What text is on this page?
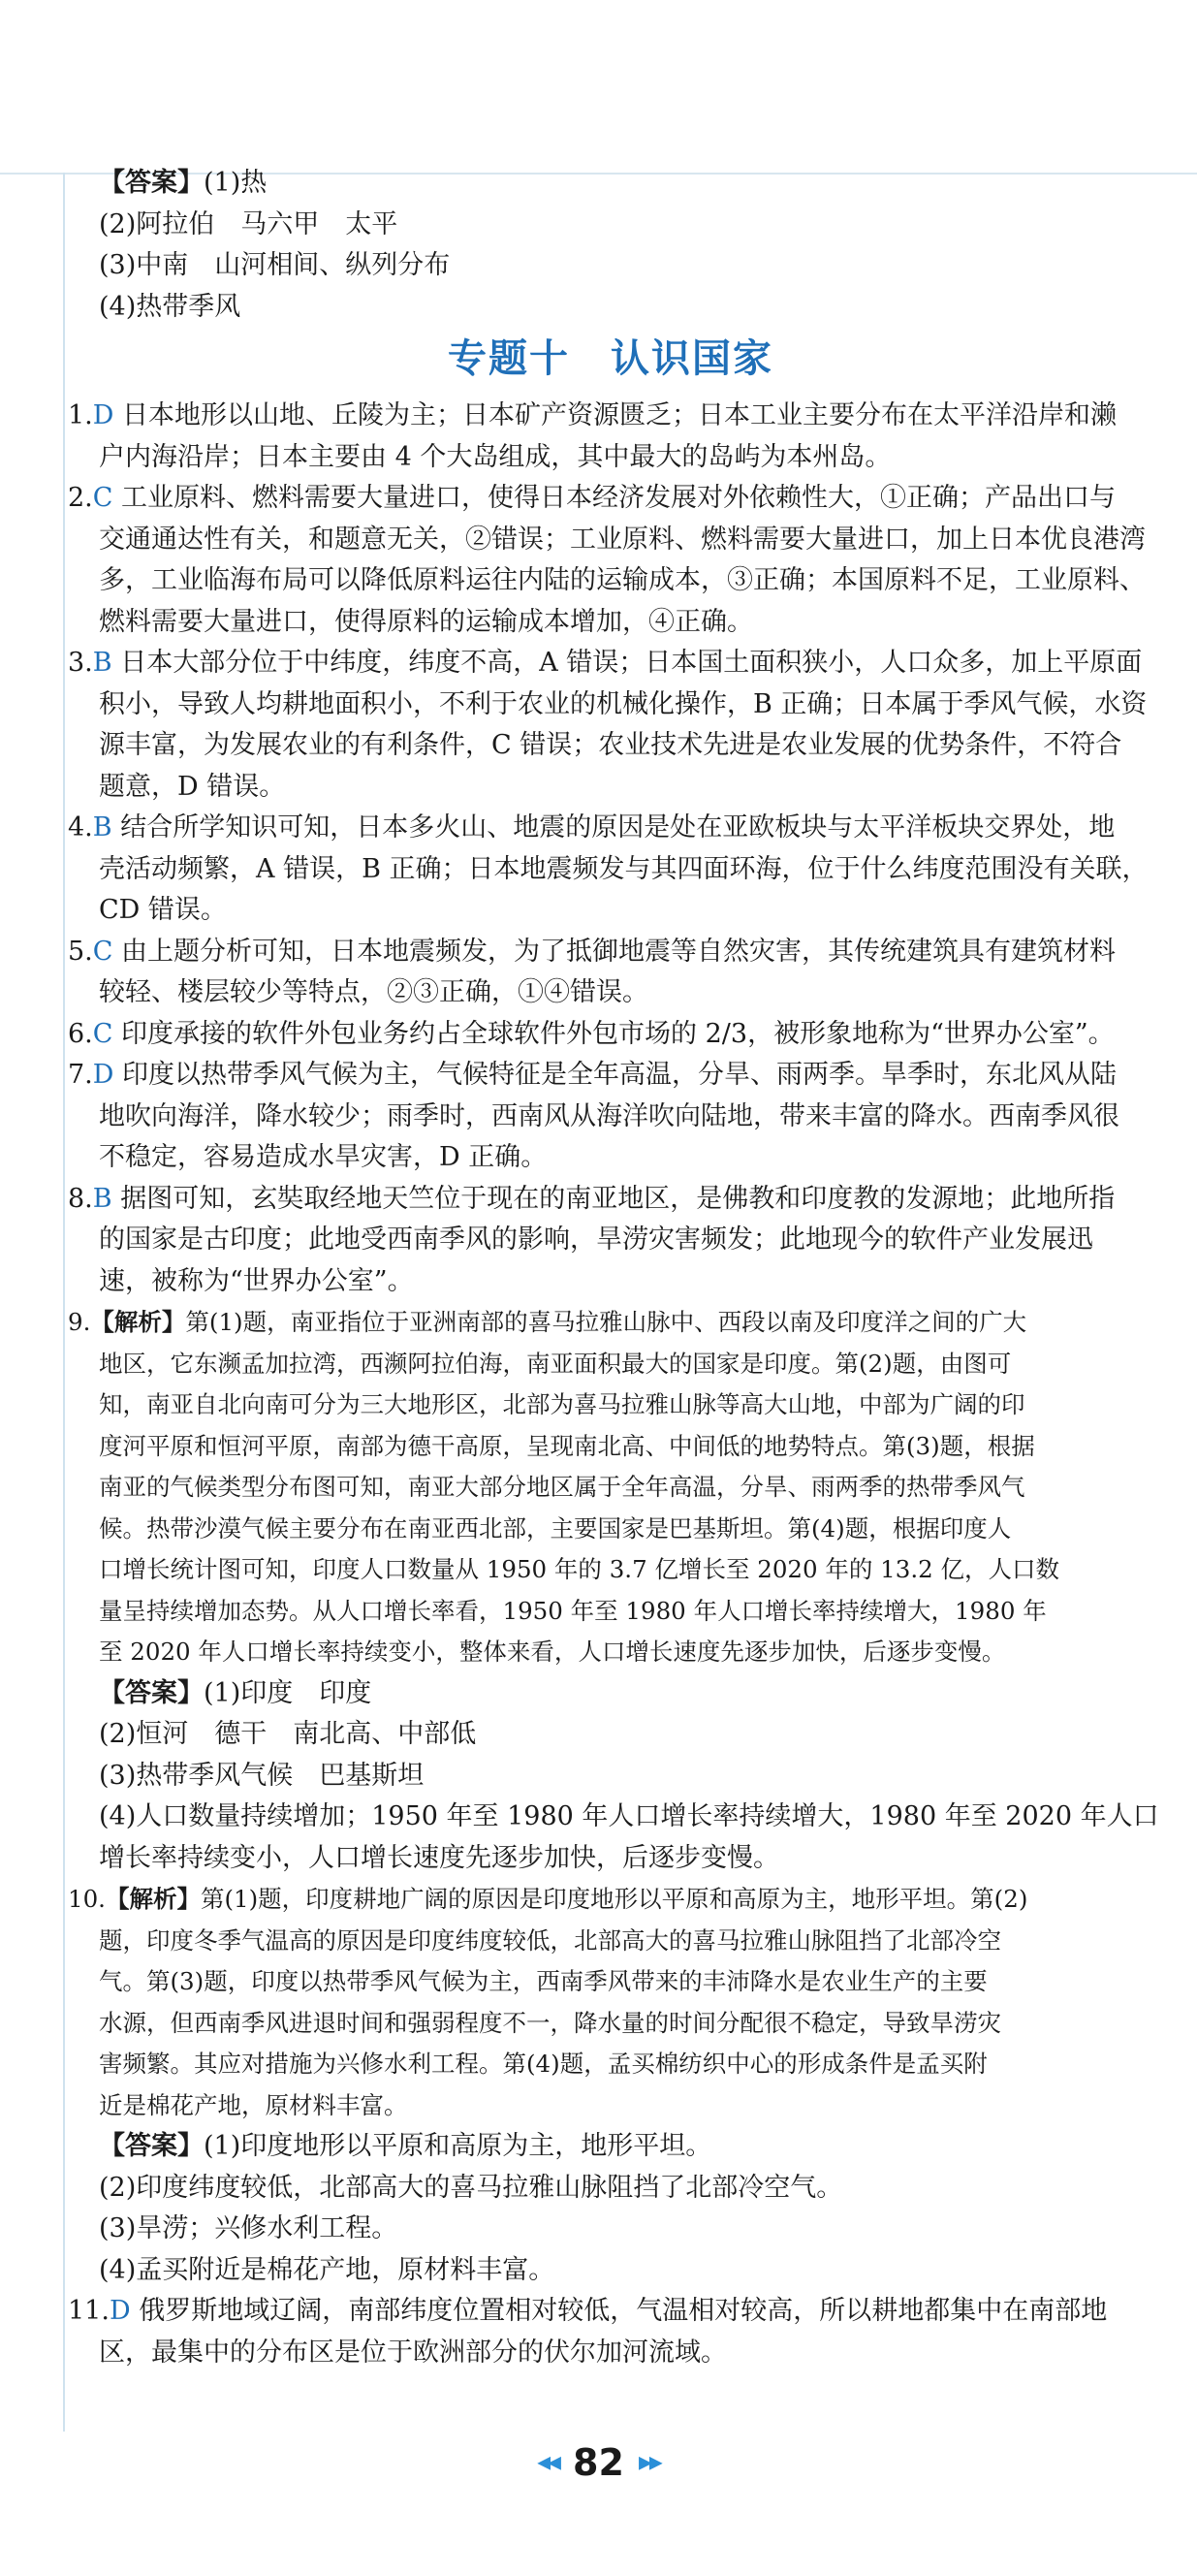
【答案】(1)热
(2)阿拉伯　马六甲　太平
(3)中南　山河相间、纵列分布
(4)热带季风
专题十　认识国家
1.D 日本地形以山地、丘陵为主；日本矿产资源匮乏；日本工业主要分布在太平洋沿岸和濑
户内海沿岸；日本主要由 4 个大岛组成，其中最大的岛屿为本州岛。
2.C 工业原料、燃料需要大量进口，使得日本经济发展对外依赖性大，①正确；产品出口与
交通通达性有关，和题意无关，②错误；工业原料、燃料需要大量进口，加上日本优良港湾
多，工业临海布局可以降低原料运往内陆的运输成本，③正确；本国原料不足，工业原料、
燃料需要大量进口，使得原料的运输成本增加，④正确。
3.B 日本大部分位于中纬度，纬度不高，A 错误；日本国土面积狭小，人口众多，加上平原面
积小，导致人均耕地面积小，不利于农业的机械化操作，B 正确；日本属于季风气候，水资
源丰富，为发展农业的有利条件，C 错误；农业技术先进是农业发展的优势条件，不符合
题意，D 错误。
4.B 结合所学知识可知，日本多火山、地震的原因是处在亚欧板块与太平洋板块交界处，地
壳活动频繁，A 错误，B 正确；日本地震频发与其四面环海，位于什么纬度范围没有关联，
CD 错误。
5.C 由上题分析可知，日本地震频发，为了抵御地震等自然灾害，其传统建筑具有建筑材料
较轻、楼层较少等特点，②③正确，①④错误。
6.C 印度承接的软件外包业务约占全球软件外包市场的 2/3，被形象地称为“世界办公室”。
7.D 印度以热带季风气候为主，气候特征是全年高温，分旱、雨两季。旱季时，东北风从陆
地吹向海洋，降水较少；雨季时，西南风从海洋吹向陆地，带来丰富的降水。西南季风很
不稳定，容易造成水旱灾害，D 正确。
8.B 据图可知，玄奘取经地天竺位于现在的南亚地区，是佛教和印度教的发源地；此地所指
的国家是古印度；此地受西南季风的影响，旱涝灾害频发；此地现今的软件产业发展迅
速，被称为“世界办公室”。
9.【解析】第(1)题，南亚指位于亚洲南部的喜马拉雅山脉中、西段以南及印度洋之间的广大
地区，它东濒孟加拉湾，西濒阿拉伯海，南亚面积最大的国家是印度。第(2)题，由图可
知，南亚自北向南可分为三大地形区，北部为喜马拉雅山脉等高大山地，中部为广阔的印
度河平原和恒河平原，南部为德干高原，呈现南北高、中间低的地势特点。第(3)题，根据
南亚的气候类型分布图可知，南亚大部分地区属于全年高温，分旱、雨两季的热带季风气
候。热带沙漠气候主要分布在南亚西北部，主要国家是巴基斯坦。第(4)题，根据印度人
口增长统计图可知，印度人口数量从 1950 年的 3.7 亿增长至 2020 年的 13.2 亿，人口数
量呈持续增加态势。从人口增长率看，1950 年至 1980 年人口增长率持续增大，1980 年
至 2020 年人口增长率持续变小，整体来看，人口增长速度先逐步加快，后逐步变慢。
【答案】(1)印度　印度
(2)恒河　德干　南北高、中部低
(3)热带季风气候　巴基斯坦
(4)人口数量持续增加；1950 年至 1980 年人口增长率持续增大，1980 年至 2020 年人口
增长率持续变小，人口增长速度先逐步加快，后逐步变慢。
10.【解析】第(1)题，印度耕地广阔的原因是印度地形以平原和高原为主，地形平坦。第(2)
题，印度冬季气温高的原因是印度纬度较低，北部高大的喜马拉雅山脉阻挡了北部冷空
气。第(3)题，印度以热带季风气候为主，西南季风带来的丰沛降水是农业生产的主要
水源，但西南季风进退时间和强弱程度不一，降水量的时间分配很不稳定，导致旱涝灾
害频繁。其应对措施为兴修水利工程。第(4)题，孟买棉纺织中心的形成条件是孟买附
近是棉花产地，原材料丰富。
【答案】(1)印度地形以平原和高原为主，地形平坦。
(2)印度纬度较低，北部高大的喜马拉雅山脉阻挡了北部冷空气。
(3)旱涝；兴修水利工程。
(4)孟买附近是棉花产地，原材料丰富。
11.D 俄罗斯地域辽阔，南部纬度位置相对较低，气温相对较高，所以耕地都集中在南部地
区，最集中的分布区是位于欧洲部分的伏尔加河流域。
◀◀ 82 ▶▶
